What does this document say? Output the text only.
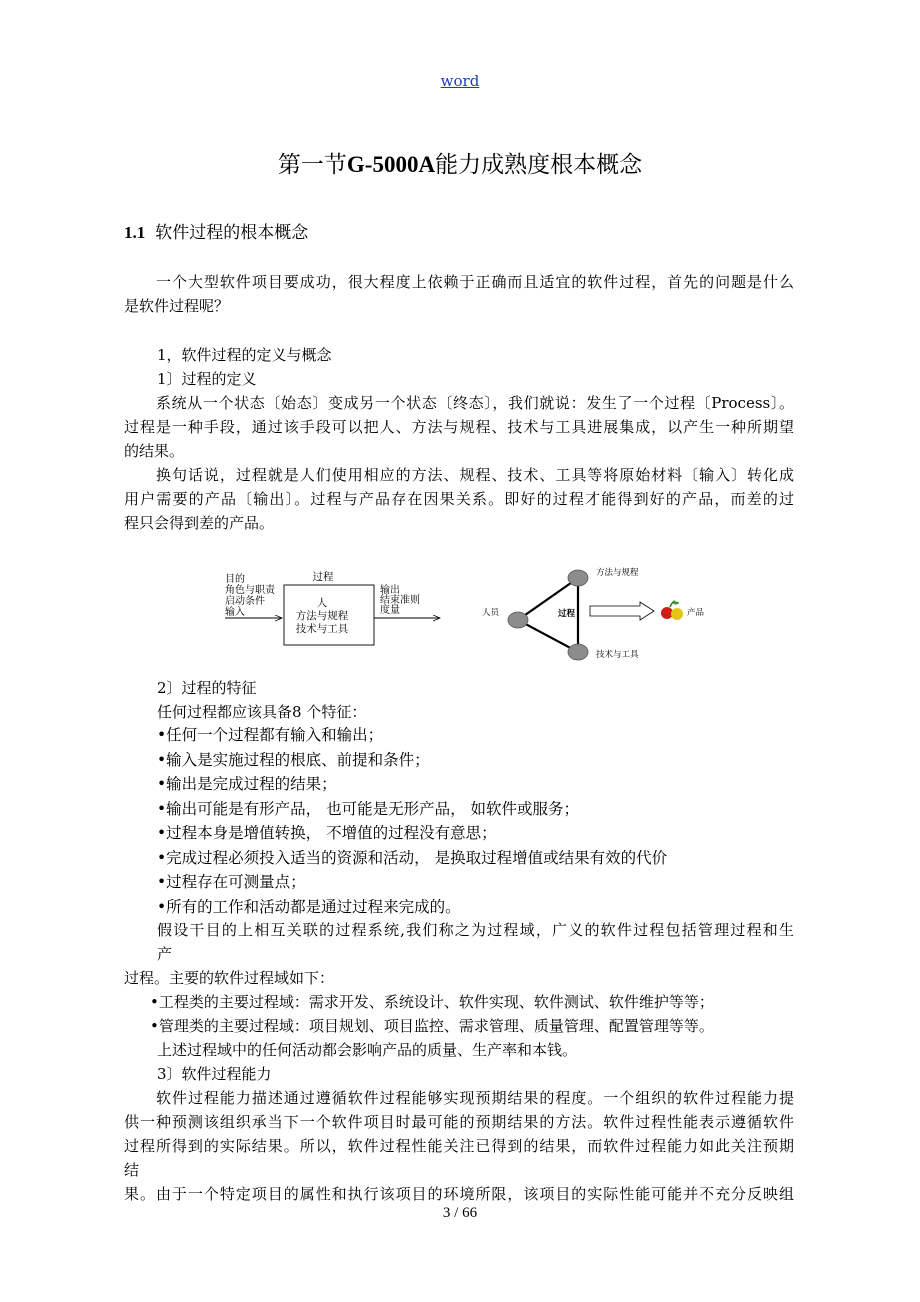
word
第一节G-5000A能力成熟度根本概念
1.1 软件过程的根本概念
一个大型软件项目要成功，很大程度上依赖于正确而且适宜的软件过程，首先的问题是什么
是软件过程呢？
1，软件过程的定义与概念
1〕过程的定义
系统从一个状态〔始态〕变成另一个状态〔终态〕，我们就说：发生了一个过程〔Process〕。
过程是一种手段，通过该手段可以把人、方法与规程、技术与工具进展集成，以产生一种所期望
的结果。
换句话说，过程就是人们使用相应的方法、规程、技术、工具等将原始材料〔输入〕转化成
用户需要的产品〔输出〕。过程与产品存在因果关系。即好的过程才能得到好的产品，而差的过
程只会得到差的产品。
目的
角色与职责
启动条件
输入
过程
人
方法与规程
技术与工具
输出
结束准则
度量
方法与规程
人员	过程
技术与工具
产品
2〕过程的特征
任何过程都应该具备8 个特征：
•任何一个过程都有输入和输出；
•输入是实施过程的根底、前提和条件；
•输出是完成过程的结果；
•输出可能是有形产品， 也可能是无形产品， 如软件或服务；
•过程本身是增值转换， 不增值的过程没有意思；
•完成过程必须投入适当的资源和活动， 是换取过程增值或结果有效的代价
•过程存在可测量点；
•所有的工作和活动都是通过过程来完成的。
假设干目的上相互关联的过程系统,我们称之为过程域，广义的软件过程包括管理过程和生
产
过程。主要的软件过程域如下：
•工程类的主要过程域：需求开发、系统设计、软件实现、软件测试、软件维护等等；
•管理类的主要过程域：项目规划、项目监控、需求管理、质量管理、配置管理等等。
上述过程域中的任何活动都会影响产品的质量、生产率和本钱。
3〕软件过程能力
软件过程能力描述通过遵循软件过程能够实现预期结果的程度。一个组织的软件过程能力提
供一种预测该组织承当下一个软件项目时最可能的预期结果的方法。软件过程性能表示遵循软件
过程所得到的实际结果。所以，软件过程性能关注已得到的结果，而软件过程能力如此关注预期
结
果。由于一个特定项目的属性和执行该项目的环境所限，该项目的实际性能可能并不充分反映组
3 / 66
